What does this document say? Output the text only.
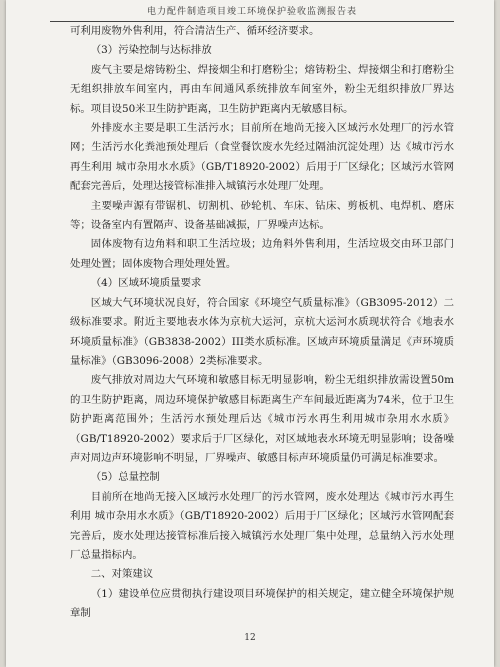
电力配件制造项目竣工环境保护验收监测报告表

可利用废物外售利用，符合清洁生产、循环经济要求。

（3）污染控制与达标排放

废气主要是熔铸粉尘、焊接烟尘和打磨粉尘；熔铸粉尘、焊接烟尘和打磨粉尘无组织排放车间室内，再由车间通风系统排放车间室外，粉尘无组织排放厂界达标。项目设50米卫生防护距离，卫生防护距离内无敏感目标。

外排废水主要是职工生活污水；目前所在地尚无接入区域污水处理厂的污水管网；生活污水化粪池预处理后（食堂餐饮废水先经过隔油沉淀处理）达《城市污水再生利用 城市杂用水水质》（GB/T18920-2002）后用于厂区绿化；区域污水管网配套完善后，处理达接管标准排入城镇污水处理厂处理。

主要噪声源有带锯机、切割机、砂轮机、车床、钻床、剪板机、电焊机、磨床等；设备室内有置隔声、设备基础减振，厂界噪声达标。

固体废物有边角料和职工生活垃圾；边角料外售利用，生活垃圾交由环卫部门处理处置；固体废物合理处理处置。

（4）区域环境质量要求

区域大气环境状况良好，符合国家《环境空气质量标准》（GB3095-2012）二级标准要求。附近主要地表水体为京杭大运河，京杭大运河水质现状符合《地表水环境质量标准》（GB3838-2002）III类水质标准。区域声环境质量满足《声环境质量标准》（GB3096-2008）2类标准要求。

废气排放对周边大气环境和敏感目标无明显影响，粉尘无组织排放需设置50m的卫生防护距离，周边环境保护敏感目标距离生产车间最近距离为74米，位于卫生防护距离范围外；生活污水预处理后达《城市污水再生利用城市杂用水水质》（GB/T18920-2002）要求后于厂区绿化，对区域地表水环境无明显影响；设备噪声对周边声环境影响不明显，厂界噪声、敏感目标声环境质量仍可满足标准要求。

（5）总量控制

目前所在地尚无接入区域污水处理厂的污水管网，废水处理达《城市污水再生利用 城市杂用水水质》（GB/T18920-2002）后用于厂区绿化；区域污水管网配套完善后，废水处理达接管标准后接入城镇污水处理厂集中处理，总量纳入污水处理厂总量指标内。

二、对策建议

（1）建设单位应贯彻执行建设项目环境保护的相关规定，建立健全环境保护规章制

12
